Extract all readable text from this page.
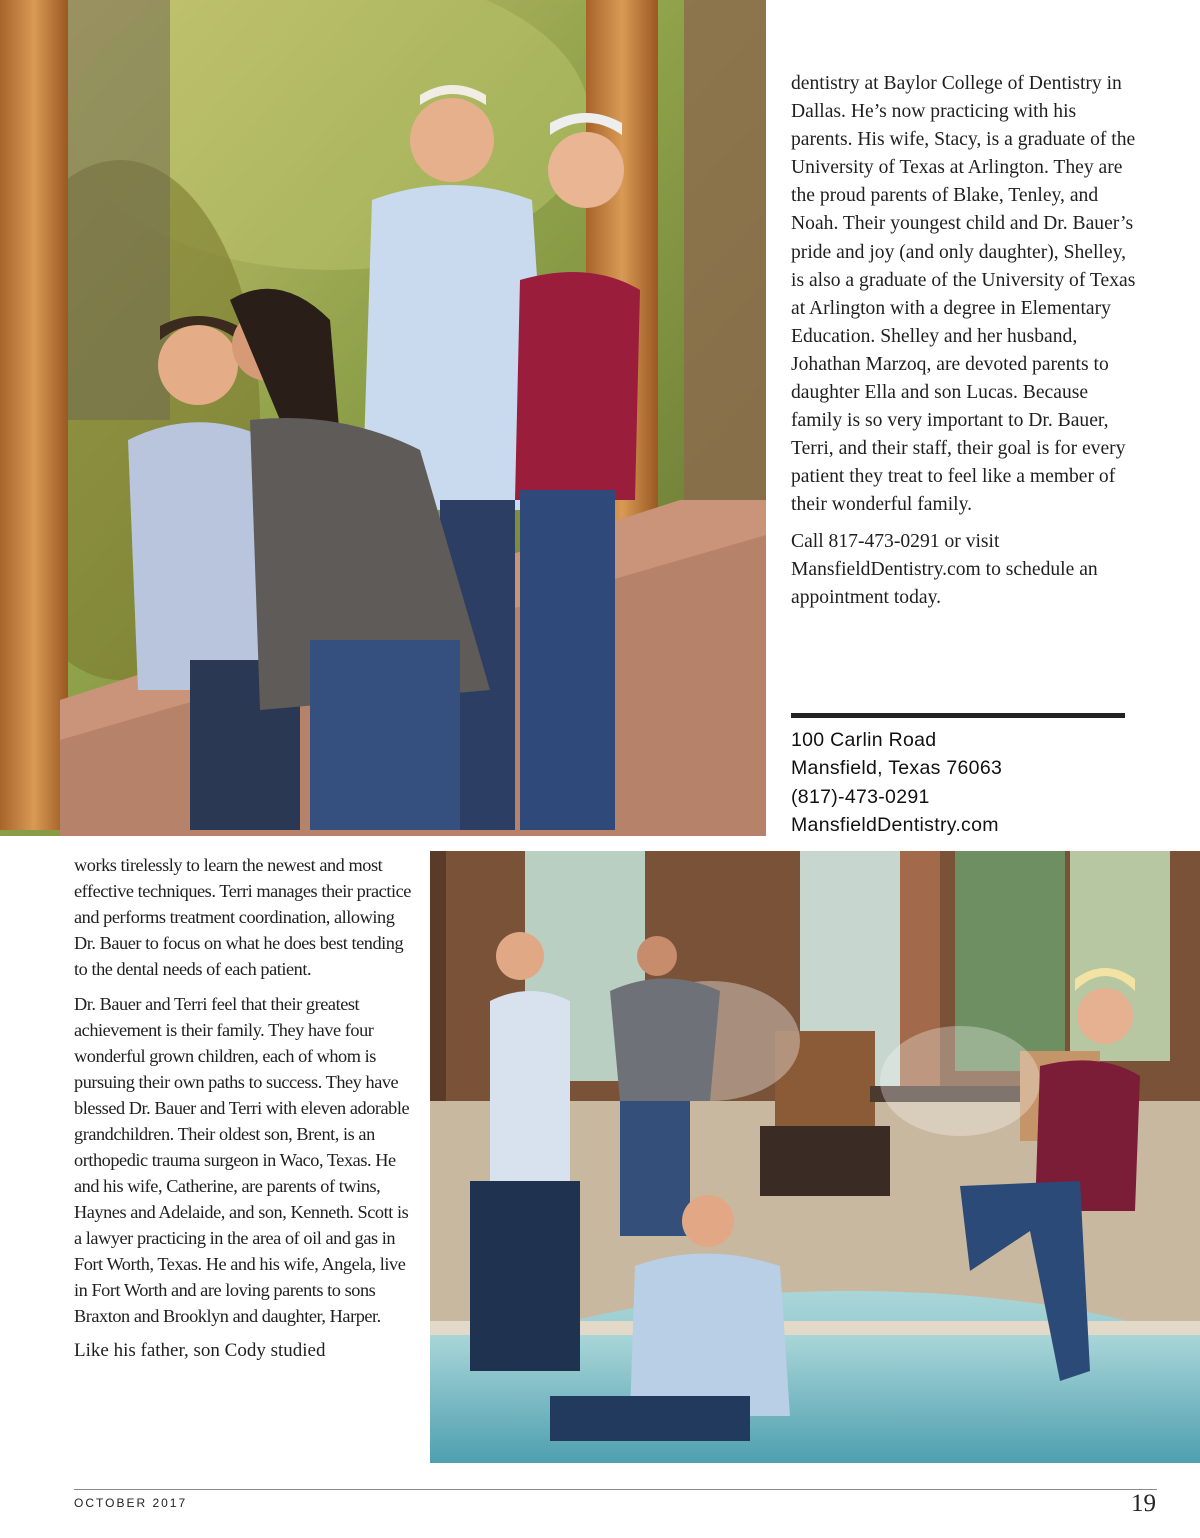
dentistry at Baylor College of Dentistry in Dallas. He’s now practicing with his parents. His wife, Stacy, is a graduate of the University of Texas at Arlington. They are the proud parents of Blake, Tenley, and Noah. Their youngest child and Dr. Bauer’s pride and joy (and only daughter), Shelley, is also a graduate of the University of Texas at Arlington with a degree in Elementary Education. Shelley and her husband, Johathan Marzoq, are devoted parents to daughter Ella and son Lucas. Because family is so very important to Dr. Bauer, Terri, and their staff, their goal is for every patient they treat to feel like a member of their wonderful family.

Call 817-473-0291 or visit MansfieldDentistry.com to schedule an appointment today.

100 Carlin Road
Mansfield, Texas 76063
(817)-473-0291
MansfieldDentistry.com

works tirelessly to learn the newest and most effective techniques. Terri manages their practice and performs treatment coordination, allowing Dr. Bauer to focus on what he does best tending to the dental needs of each patient.

Dr. Bauer and Terri feel that their greatest achievement is their family. They have four wonderful grown children, each of whom is pursuing their own paths to success. They have blessed Dr. Bauer and Terri with eleven adorable grandchildren. Their oldest son, Brent, is an orthopedic trauma surgeon in Waco, Texas. He and his wife, Catherine, are parents of twins, Haynes and Adelaide, and son, Kenneth. Scott is a lawyer practicing in the area of oil and gas in Fort Worth, Texas. He and his wife, Angela, live in Fort Worth and are loving parents to sons Braxton and Brooklyn and daughter, Harper.

Like his father, son Cody studied

OCTOBER 2017	19
